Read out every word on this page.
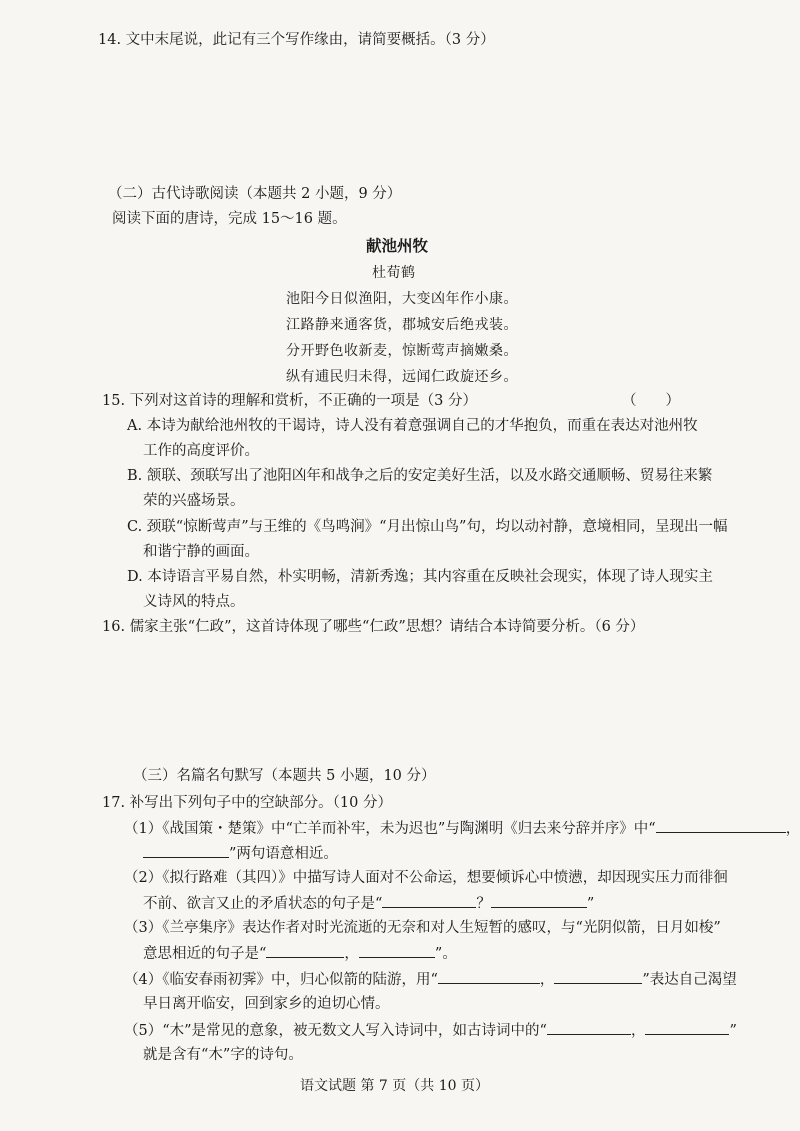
14. 文中末尾说，此记有三个写作缘由，请简要概括。（3 分）
（二）古代诗歌阅读（本题共 2 小题，9 分）
阅读下面的唐诗，完成 15～16 题。
献池州牧
杜荀鹤
池阳今日似渔阳，大变凶年作小康。
江路静来通客货，郡城安后绝戎装。
分开野色收新麦，惊断莺声摘嫩桑。
纵有逋民归未得，远闻仁政旋还乡。
15. 下列对这首诗的理解和赏析，不正确的一项是（3 分）	（　　）
A. 本诗为献给池州牧的干谒诗，诗人没有着意强调自己的才华抱负，而重在表达对池州牧
工作的高度评价。
B. 颔联、颈联写出了池阳凶年和战争之后的安定美好生活，以及水路交通顺畅、贸易往来繁
荣的兴盛场景。
C. 颈联“惊断莺声”与王维的《鸟鸣涧》“月出惊山鸟”句，均以动衬静，意境相同，呈现出一幅
和谐宁静的画面。
D. 本诗语言平易自然，朴实明畅，清新秀逸；其内容重在反映社会现实，体现了诗人现实主
义诗风的特点。
16. 儒家主张“仁政”，这首诗体现了哪些“仁政”思想？请结合本诗简要分析。（6 分）
（三）名篇名句默写（本题共 5 小题，10 分）
17. 补写出下列句子中的空缺部分。（10 分）
（1）《战国策・楚策》中“亡羊而补牢，未为迟也”与陶渊明《归去来兮辞并序》中“	，
”两句语意相近。
（2）《拟行路难（其四）》中描写诗人面对不公命运，想要倾诉心中愤懑，却因现实压力而徘徊
不前、欲言又止的矛盾状态的句子是“	？	”
（3）《兰亭集序》表达作者对时光流逝的无奈和对人生短暂的感叹，与“光阴似箭，日月如梭”
意思相近的句子是“	，	”。
（4）《临安春雨初霁》中，归心似箭的陆游，用“	，	”表达自己渴望
早日离开临安，回到家乡的迫切心情。
（5）“木”是常见的意象，被无数文人写入诗词中，如古诗词中的“	，	”
就是含有“木”字的诗句。
语文试题 第 7 页（共 10 页）
